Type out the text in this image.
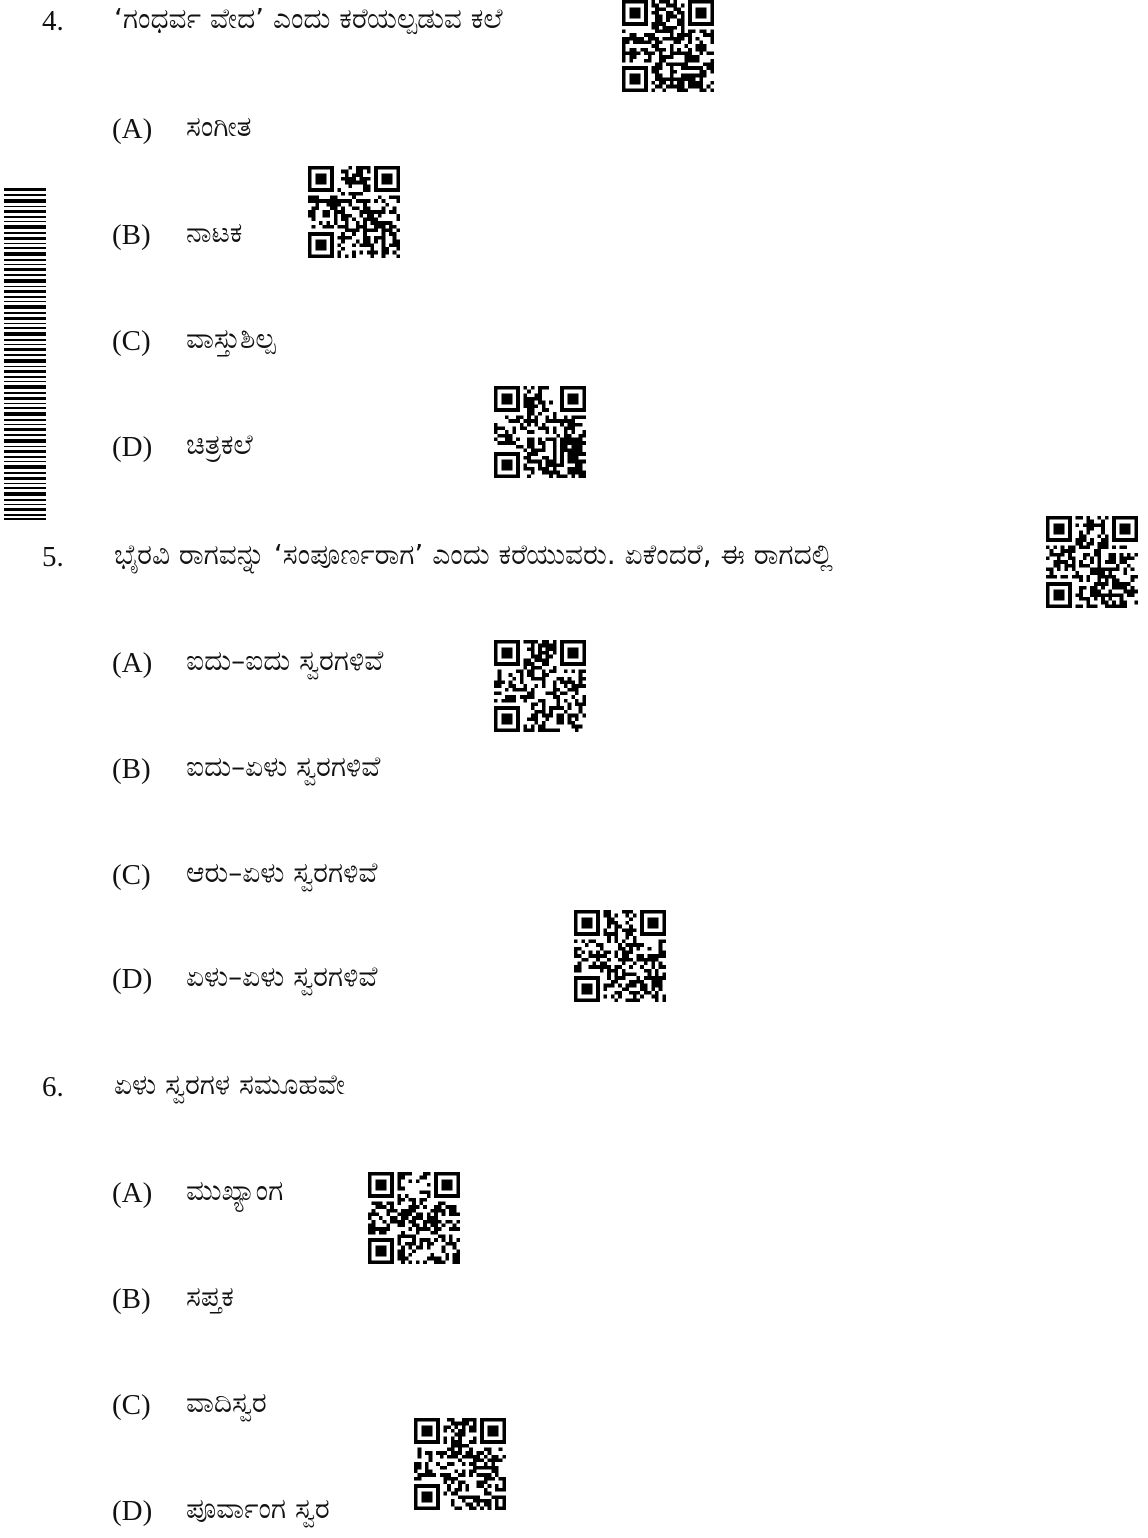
4. ‘ಗಂಧರ್ವ ವೇದ’ ಎಂದು ಕರೆಯಲ್ಪಡುವ ಕಲೆ
(A) ಸಂಗೀತ
(B) ನಾಟಕ
(C) ವಾಸ್ತುಶಿಲ್ಪ
(D) ಚಿತ್ರಕಲೆ
5. ಭೈರವಿ ರಾಗವನ್ನು ‘ಸಂಪೂರ್ಣರಾಗ’ ಎಂದು ಕರೆಯುವರು. ಏಕೆಂದರೆ, ಈ ರಾಗದಲ್ಲಿ
(A) ಐದು–ಐದು ಸ್ವರಗಳಿವೆ
(B) ಐದು–ಏಳು ಸ್ವರಗಳಿವೆ
(C) ಆರು–ಏಳು ಸ್ವರಗಳಿವೆ
(D) ಏಳು–ಏಳು ಸ್ವರಗಳಿವೆ
6. ಏಳು ಸ್ವರಗಳ ಸಮೂಹವೇ
(A) ಮುಖ್ಯಾಂಗ
(B) ಸಪ್ತಕ
(C) ವಾದಿಸ್ವರ
(D) ಪೂರ್ವಾಂಗ ಸ್ವರ
